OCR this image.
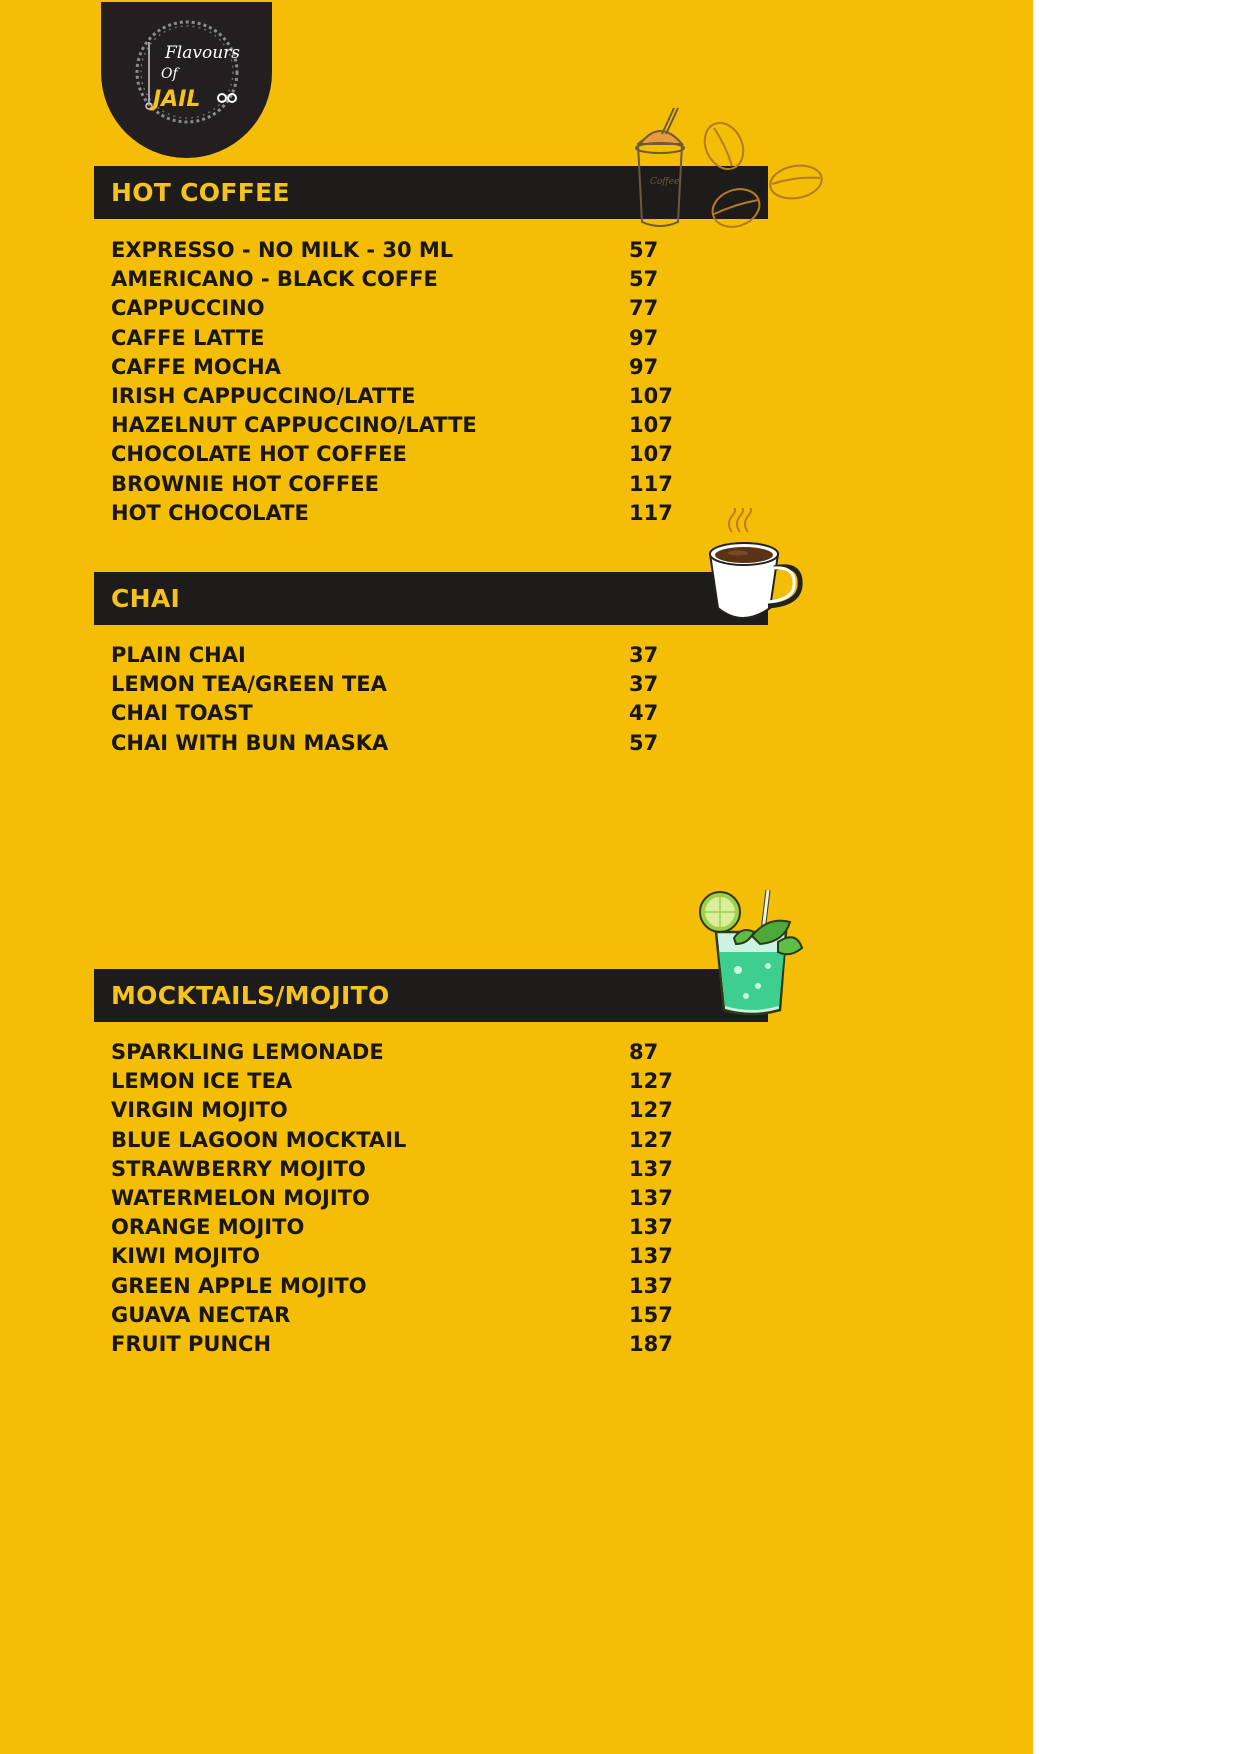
Flavours
Of
JAIL
HOT COFFEE	Coffee
EXPRESSO - NO MILK - 30 ML	57
AMERICANO - BLACK COFFE	57
CAPPUCCINO	77
CAFFE LATTE	97
CAFFE MOCHA	97
IRISH CAPPUCCINO/LATTE	107
HAZELNUT CAPPUCCINO/LATTE	107
CHOCOLATE HOT COFFEE	107
BROWNIE HOT COFFEE	117
HOT CHOCOLATE	117
CHAI
PLAIN CHAI	37
LEMON TEA/GREEN TEA	37
CHAI TOAST	47
CHAI WITH BUN MASKA	57
MOCKTAILS/MOJITO
SPARKLING LEMONADE	87
LEMON ICE TEA	127
VIRGIN MOJITO	127
BLUE LAGOON MOCKTAIL	127
STRAWBERRY MOJITO	137
WATERMELON MOJITO	137
ORANGE MOJITO	137
KIWI MOJITO	137
GREEN APPLE MOJITO	137
GUAVA NECTAR	157
FRUIT PUNCH	187
